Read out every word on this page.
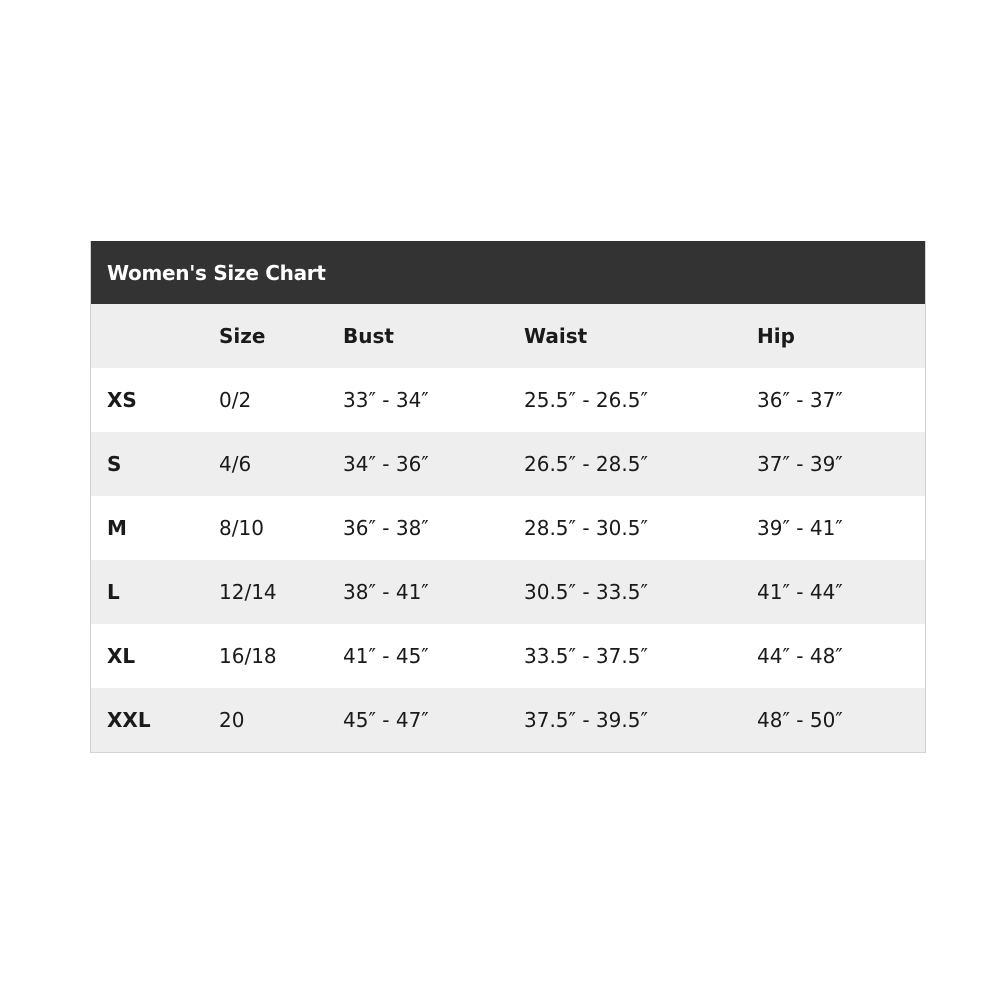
Women's Size Chart
	Size	Bust	Waist	Hip
XS	0/2	33″ - 34″	25.5″ - 26.5″	36″ - 37″
S	4/6	34″ - 36″	26.5″ - 28.5″	37″ - 39″
M	8/10	36″ - 38″	28.5″ - 30.5″	39″ - 41″
L	12/14	38″ - 41″	30.5″ - 33.5″	41″ - 44″
XL	16/18	41″ - 45″	33.5″ - 37.5″	44″ - 48″
XXL	20	45″ - 47″	37.5″ - 39.5″	48″ - 50″
